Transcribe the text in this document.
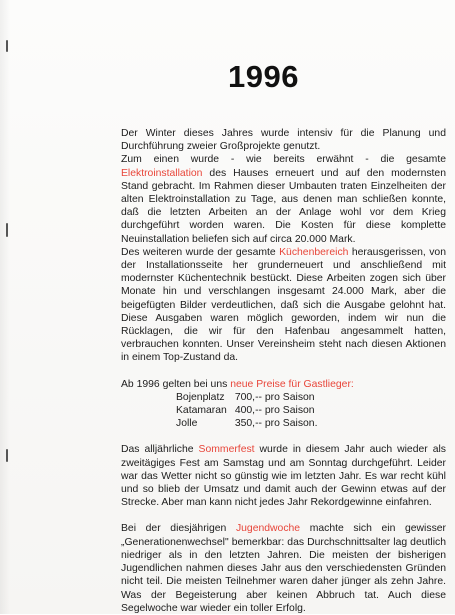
1996

Der Winter dieses Jahres wurde intensiv für die Planung und Durchführung zweier Großprojekte genutzt.
Zum einen wurde - wie bereits erwähnt - die gesamte Elektroinstallation des Hauses erneuert und auf den modernsten Stand gebracht. Im Rahmen dieser Umbauten traten Einzelheiten der alten Elektroinstallation zu Tage, aus denen man schließen konnte, daß die letzten Arbeiten an der Anlage wohl vor dem Krieg durchgeführt worden waren. Die Kosten für diese komplette Neuinstallation beliefen sich auf circa 20.000 Mark.
Des weiteren wurde der gesamte Küchenbereich herausgerissen, von der Installationsseite her grunderneuert und anschließend mit modernster Küchentechnik bestückt. Diese Arbeiten zogen sich über Monate hin und verschlangen insgesamt 24.000 Mark, aber die beigefügten Bilder verdeutlichen, daß sich die Ausgabe gelohnt hat. Diese Ausgaben waren möglich geworden, indem wir nun die Rücklagen, die wir für den Hafenbau angesammelt hatten, verbrauchen konnten. Unser Vereinsheim steht nach diesen Aktionen in einem Top-Zustand da.

Ab 1996 gelten bei uns neue Preise für Gastlieger:

Bojenplatz 700,--
pro Saison
Katamaran 400,--
pro Saison
Jolle	350,--
pro Saison.

Das alljährliche Sommerfest wurde in diesem Jahr auch wieder als zweitägiges Fest am Samstag und am Sonntag durchgeführt. Leider war das Wetter nicht so günstig wie im letzten Jahr. Es war recht kühl und so blieb der Umsatz und damit auch der Gewinn etwas auf der Strecke. Aber man kann nicht jedes Jahr Rekordgewinne einfahren.

Bei der diesjährigen Jugendwoche machte sich ein gewisser „Generationenwechsel" bemerkbar: das Durchschnittsalter lag deutlich niedriger als in den letzten Jahren. Die meisten der bisherigen Jugendlichen nahmen dieses Jahr aus den verschiedensten Gründen nicht teil. Die meisten Teilnehmer waren daher jünger als zehn Jahre. Was der Begeisterung aber keinen Abbruch tat. Auch diese Segelwoche war wieder ein toller Erfolg.
